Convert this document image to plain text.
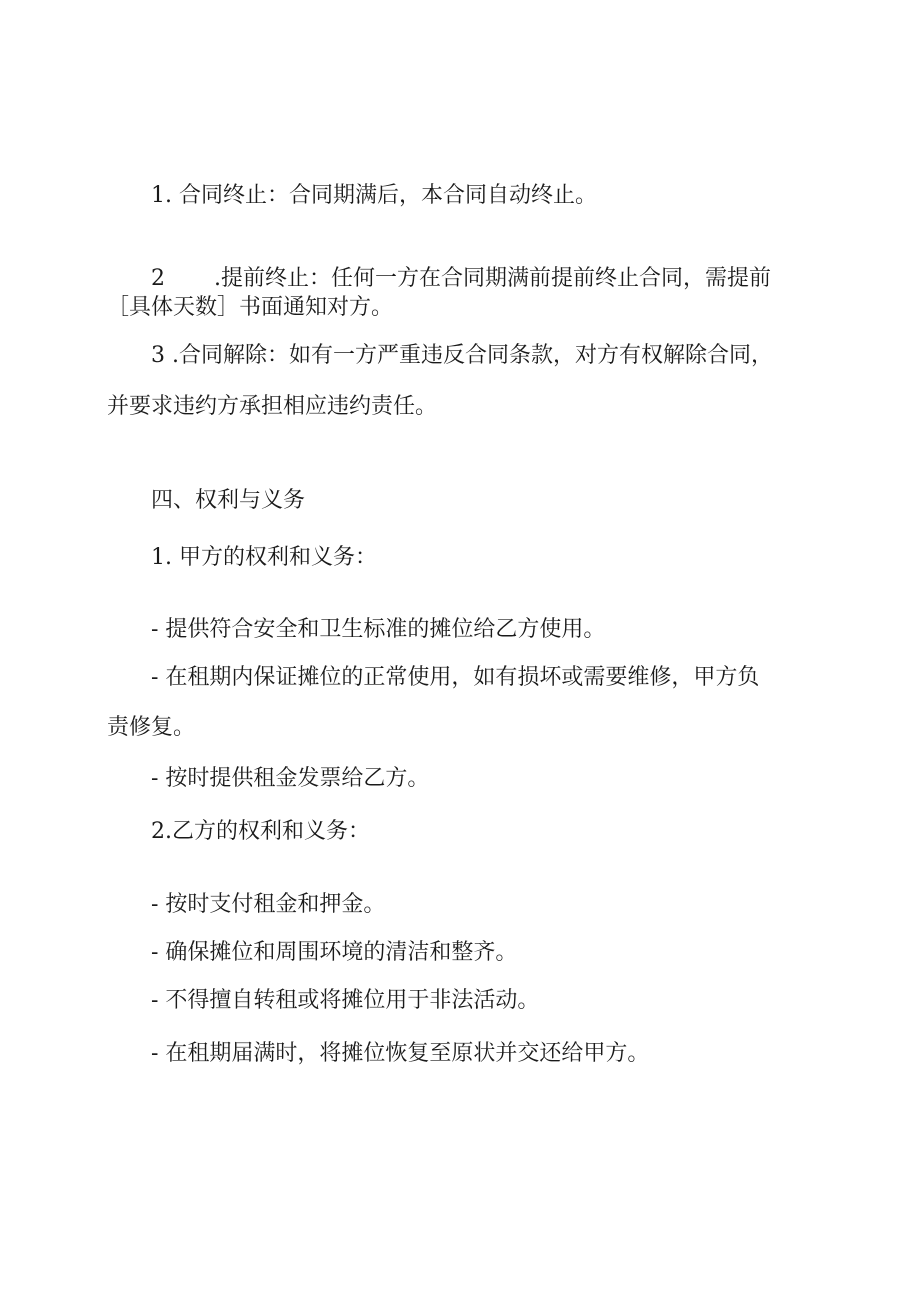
1. 合同终止：合同期满后，本合同自动终止。

2       .提前终止：任何一方在合同期满前提前终止合同，需提前

［具体天数］书面通知对方。

3 .合同解除：如有一方严重违反合同条款，对方有权解除合同，

并要求违约方承担相应违约责任。

四、权利与义务

1. 甲方的权利和义务：

- 提供符合安全和卫生标准的摊位给乙方使用。

- 在租期内保证摊位的正常使用，如有损坏或需要维修，甲方负

责修复。

- 按时提供租金发票给乙方。

2.乙方的权利和义务：

- 按时支付租金和押金。

- 确保摊位和周围环境的清洁和整齐。

- 不得擅自转租或将摊位用于非法活动。

- 在租期届满时，将摊位恢复至原状并交还给甲方。
